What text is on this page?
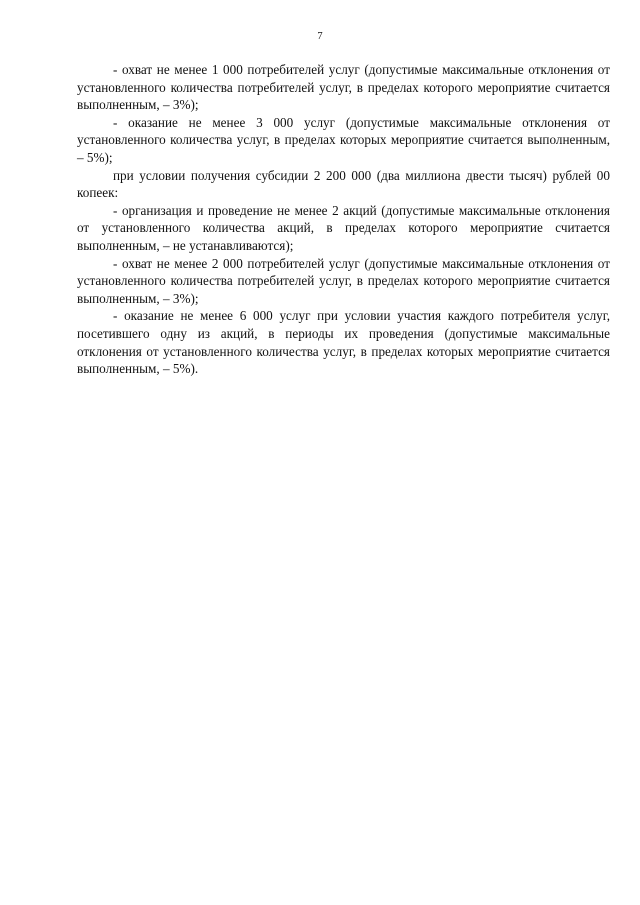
7

- охват не менее 1 000 потребителей услуг (допустимые максимальные отклонения от установленного количества потребителей услуг, в пределах которого мероприятие считается выполненным, – 3%);

- оказание не менее 3 000 услуг (допустимые максимальные отклонения от установленного количества услуг, в пределах которых мероприятие считается выполненным, – 5%);

при условии получения субсидии 2 200 000 (два миллиона двести тысяч) рублей 00 копеек:

- организация и проведение не менее 2 акций (допустимые максимальные отклонения от установленного количества акций, в пределах которого мероприятие считается выполненным, – не устанавливаются);

- охват не менее 2 000 потребителей услуг (допустимые максимальные отклонения от установленного количества потребителей услуг, в пределах которого мероприятие считается выполненным, – 3%);

- оказание не менее 6 000 услуг при условии участия каждого потребителя услуг, посетившего одну из акций, в периоды их проведения (допустимые максимальные отклонения от установленного количества услуг, в пределах которых мероприятие считается выполненным, – 5%).
